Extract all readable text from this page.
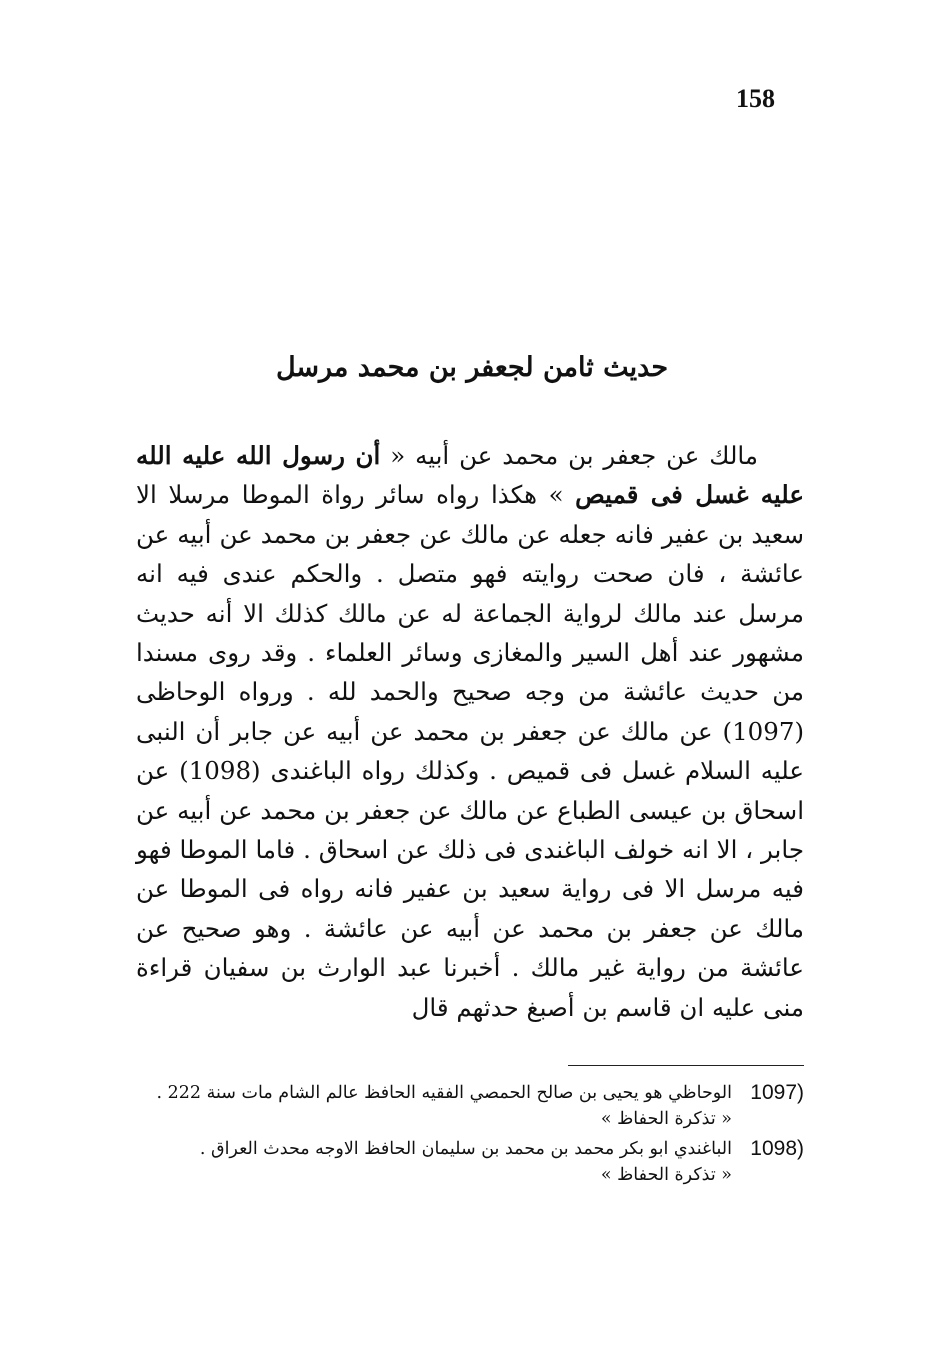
158
حديث ثامن لجعفر بن محمد مرسل
مالك عن جعفر بن محمد عن أبيه « أن رسول الله عليه الله عليه غسل فى قميص » هكذا رواه سائر رواة الموطا مرسلا الا سعيد بن عفير فانه جعله عن مالك عن جعفر بن محمد عن أبيه عن عائشة ، فان صحت روايته فهو متصل . والحكم عندى فيه انه مرسل عند مالك لرواية الجماعة له عن مالك كذلك الا أنه حديث مشهور عند أهل السير والمغازى وسائر العلماء . وقد روى مسندا من حديث عائشة من وجه صحيح والحمد لله . ورواه الوحاظى (1097) عن مالك عن جعفر بن محمد عن أبيه عن جابر أن النبى عليه السلام غسل فى قميص . وكذلك رواه الباغندى (1098) عن اسحاق بن عيسى الطباع عن مالك عن جعفر بن محمد عن أبيه عن جابر ، الا انه خولف الباغندى فى ذلك عن اسحاق . فاما الموطا فهو فيه مرسل الا فى رواية سعيد بن عفير فانه رواه فى الموطا عن مالك عن جعفر بن محمد عن أبيه عن عائشة . وهو صحيح عن عائشة من رواية غير مالك . أخبرنا عبد الوارث بن سفيان قراءة منى عليه ان قاسم بن أصبغ حدثهم قال
1097)
الوحاظي هو يحيى بن صالح الحمصي الفقيه الحافظ عالم الشام مات سنة 222 .
« تذكرة الحفاظ »
1098)
الباغندي ابو بكر محمد بن محمد بن سليمان الحافظ الاوجه محدث العراق .
« تذكرة الحفاظ »
